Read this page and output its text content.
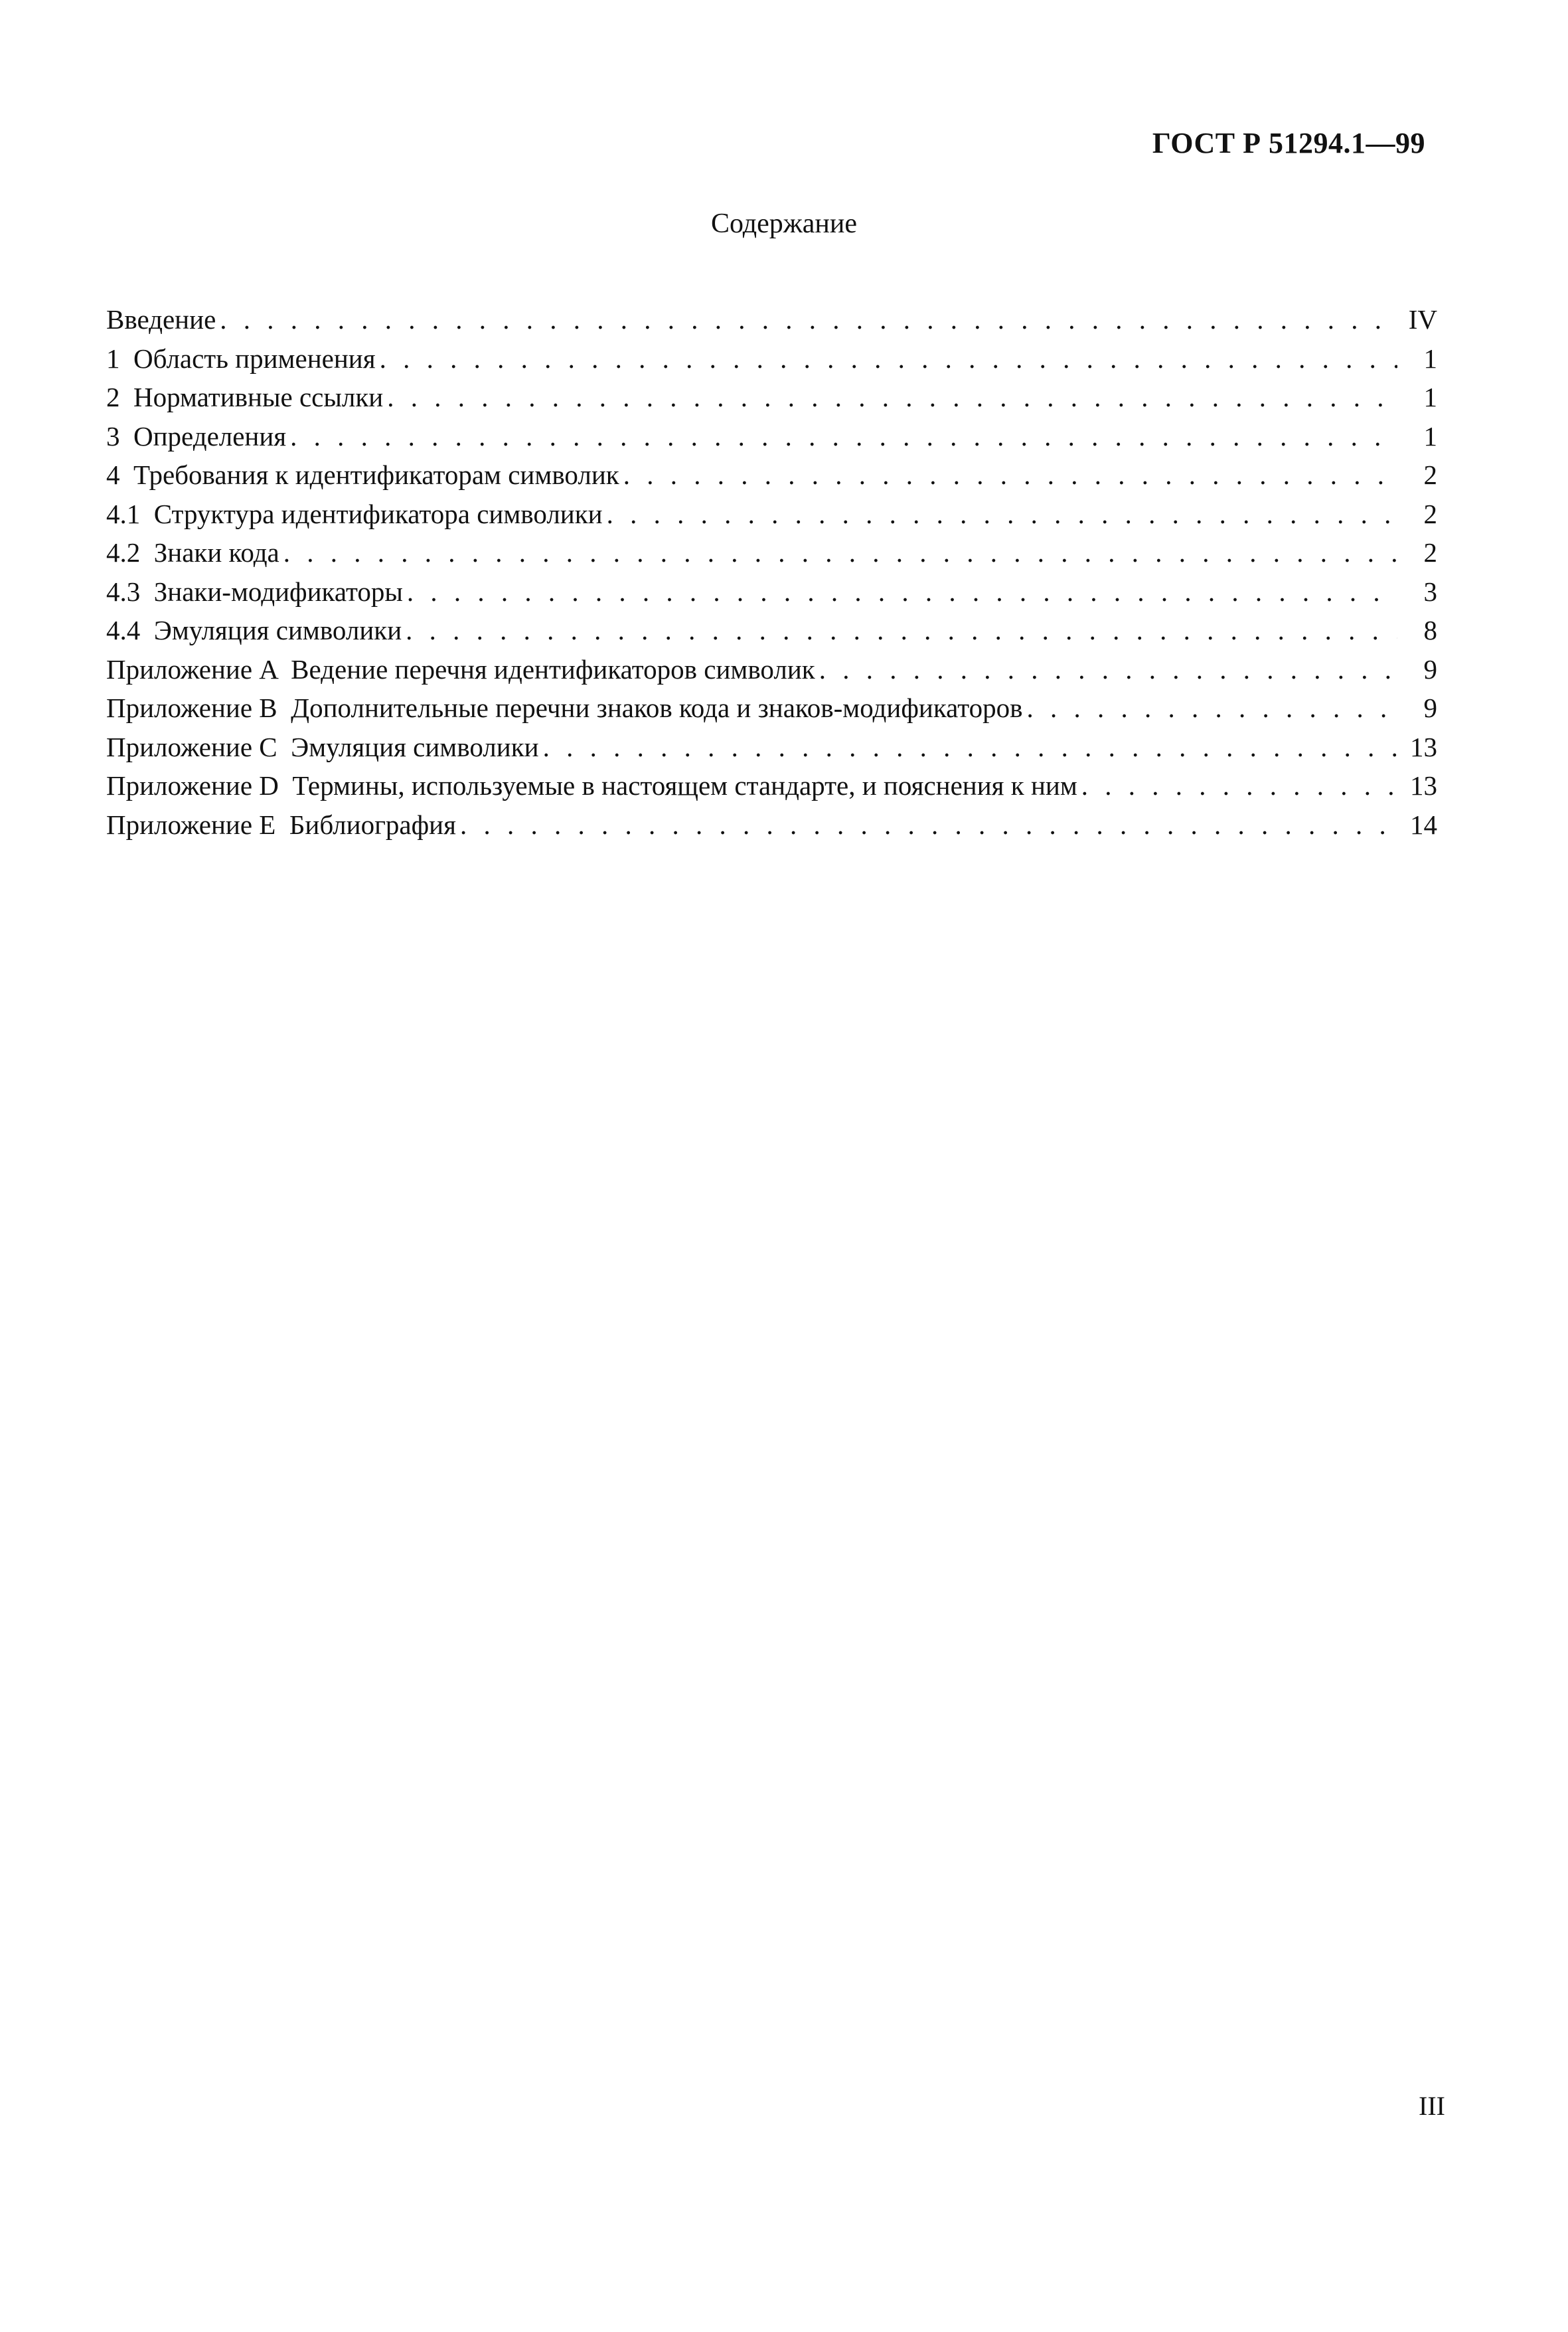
ГОСТ Р 51294.1—99
Содержание
Введение . . .	IV
1  Область применения . . .	1
2  Нормативные ссылки . . .	1
3  Определения . . .	1
4  Требования к идентификаторам символик . . .	2
4.1  Структура идентификатора символики . . .	2
4.2  Знаки кода . . .	2
4.3  Знаки-модификаторы . . .	3
4.4  Эмуляция символики . . .	8
Приложение A  Ведение перечня идентификаторов символик . . .	9
Приложение B  Дополнительные перечни знаков кода и знаков-модификаторов . . .	9
Приложение C  Эмуляция символики . . .	13
Приложение D  Термины, используемые в настоящем стандарте, и пояснения к ним . . .	13
Приложение E  Библиография . . .	14
III
